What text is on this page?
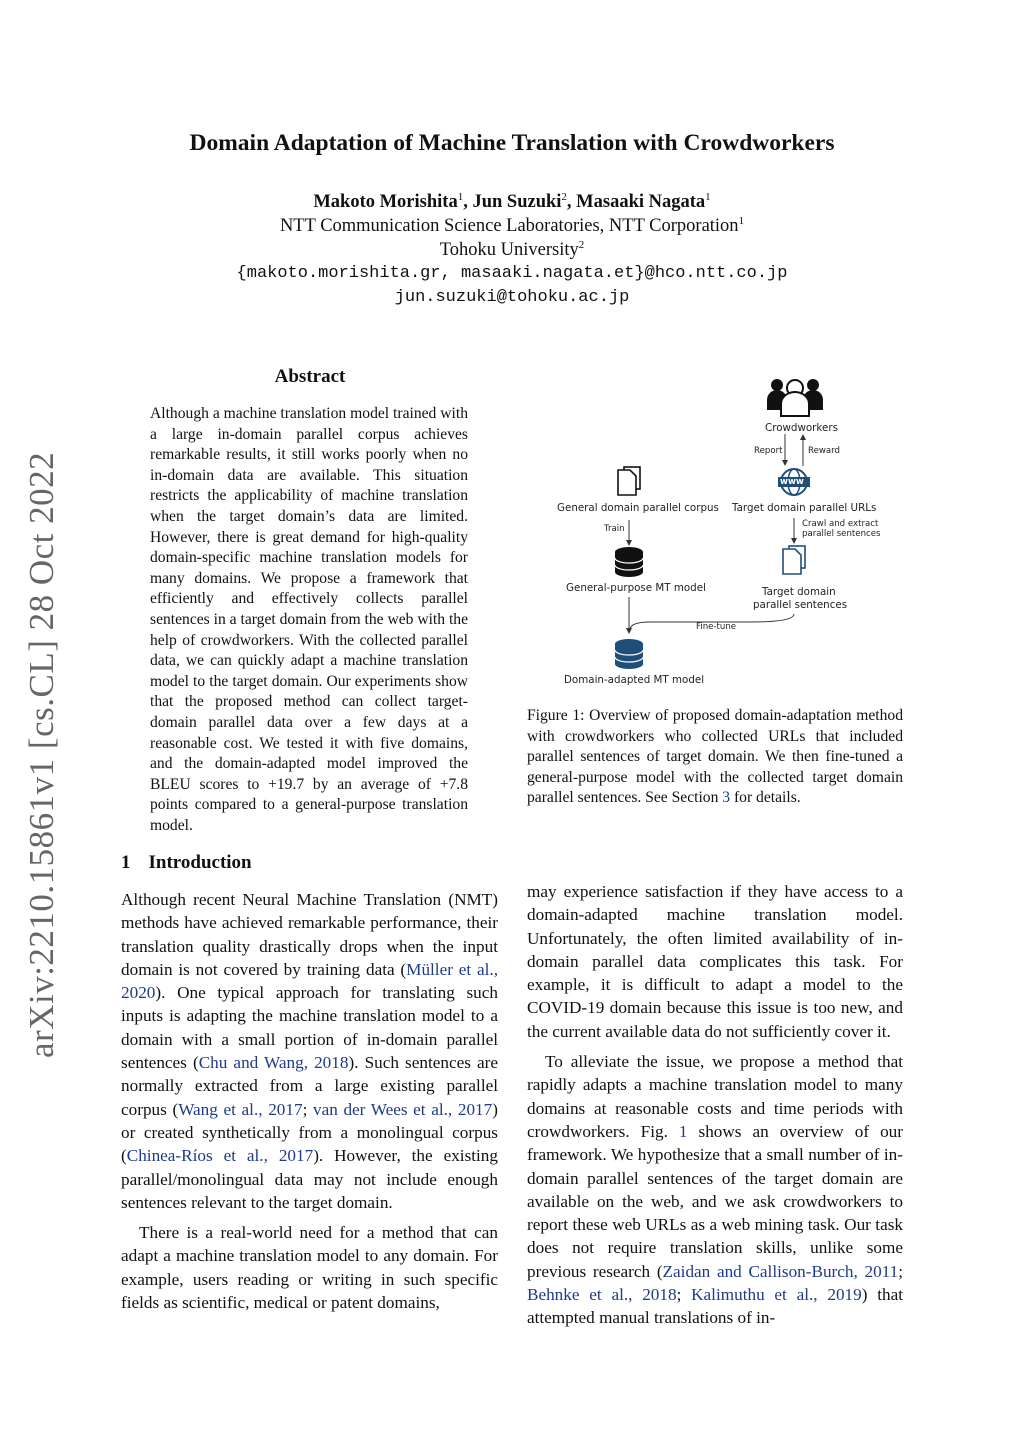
Domain Adaptation of Machine Translation with Crowdworkers
Makoto Morishita$^1$, Jun Suzuki$^2$, Masaaki Nagata$^1$
NTT Communication Science Laboratories, NTT Corporation$^1$
Tohoku University$^2$
{makoto.morishita.gr, masaaki.nagata.et}@hco.ntt.co.jp
jun.suzuki@tohoku.ac.jp
arXiv:2210.15861v1 [cs.CL] 28 Oct 2022
Abstract
Although a machine translation model trained with a large in-domain parallel corpus achieves remarkable results, it still works poorly when no in-domain data are available. This situation restricts the applicability of machine translation when the target domain’s data are limited. However, there is great demand for high-quality domain-specific machine translation models for many domains. We propose a framework that efficiently and effectively collects parallel sentences in a target domain from the web with the help of crowdworkers. With the collected parallel data, we can quickly adapt a machine translation model to the target domain. Our experiments show that the proposed method can collect target-domain parallel data over a few days at a reasonable cost. We tested it with five domains, and the domain-adapted model improved the BLEU scores to +19.7 by an average of +7.8 points compared to a general-purpose translation model.
Crowdworkers
Report	Reward
www
General domain parallel corpus Target domain parallel URLs
Crawl and extract
parallel sentences
Train
General-purpose MT model	Target domain
parallel sentences
Fine-tune
Domain-adapted MT model
Figure 1: Overview of proposed domain-adaptation method with crowdworkers who collected URLs that included parallel sentences of target domain. We then fine-tuned a general-purpose model with the collected target domain parallel sentences. See Section 3 for details.
1 Introduction

Although recent Neural Machine Translation (NMT) methods have achieved remarkable performance, their translation quality drastically drops when the input domain is not covered by training data (Müller et al., 2020). One typical approach for translating such inputs is adapting the machine translation model to a domain with a small portion of in-domain parallel sentences (Chu and Wang, 2018). Such sentences are normally extracted from a large existing parallel corpus (Wang et al., 2017; van der Wees et al., 2017) or created synthetically from a monolingual corpus (Chinea-Ríos et al., 2017). However, the existing parallel/monolingual data may not include enough sentences relevant to the target domain.

There is a real-world need for a method that can adapt a machine translation model to any domain. For example, users reading or writing in such specific fields as scientific, medical or patent domains,

may experience satisfaction if they have access to a domain-adapted machine translation model. Unfortunately, the often limited availability of in-domain parallel data complicates this task. For example, it is difficult to adapt a model to the COVID-19 domain because this issue is too new, and the current available data do not sufficiently cover it.

To alleviate the issue, we propose a method that rapidly adapts a machine translation model to many domains at reasonable costs and time periods with crowdworkers. Fig. 1 shows an overview of our framework. We hypothesize that a small number of in-domain parallel sentences of the target domain are available on the web, and we ask crowdworkers to report these web URLs as a web mining task. Our task does not require translation skills, unlike some previous research (Zaidan and Callison-Burch, 2011; Behnke et al., 2018; Kalimuthu et al., 2019) that attempted manual translations of in-
